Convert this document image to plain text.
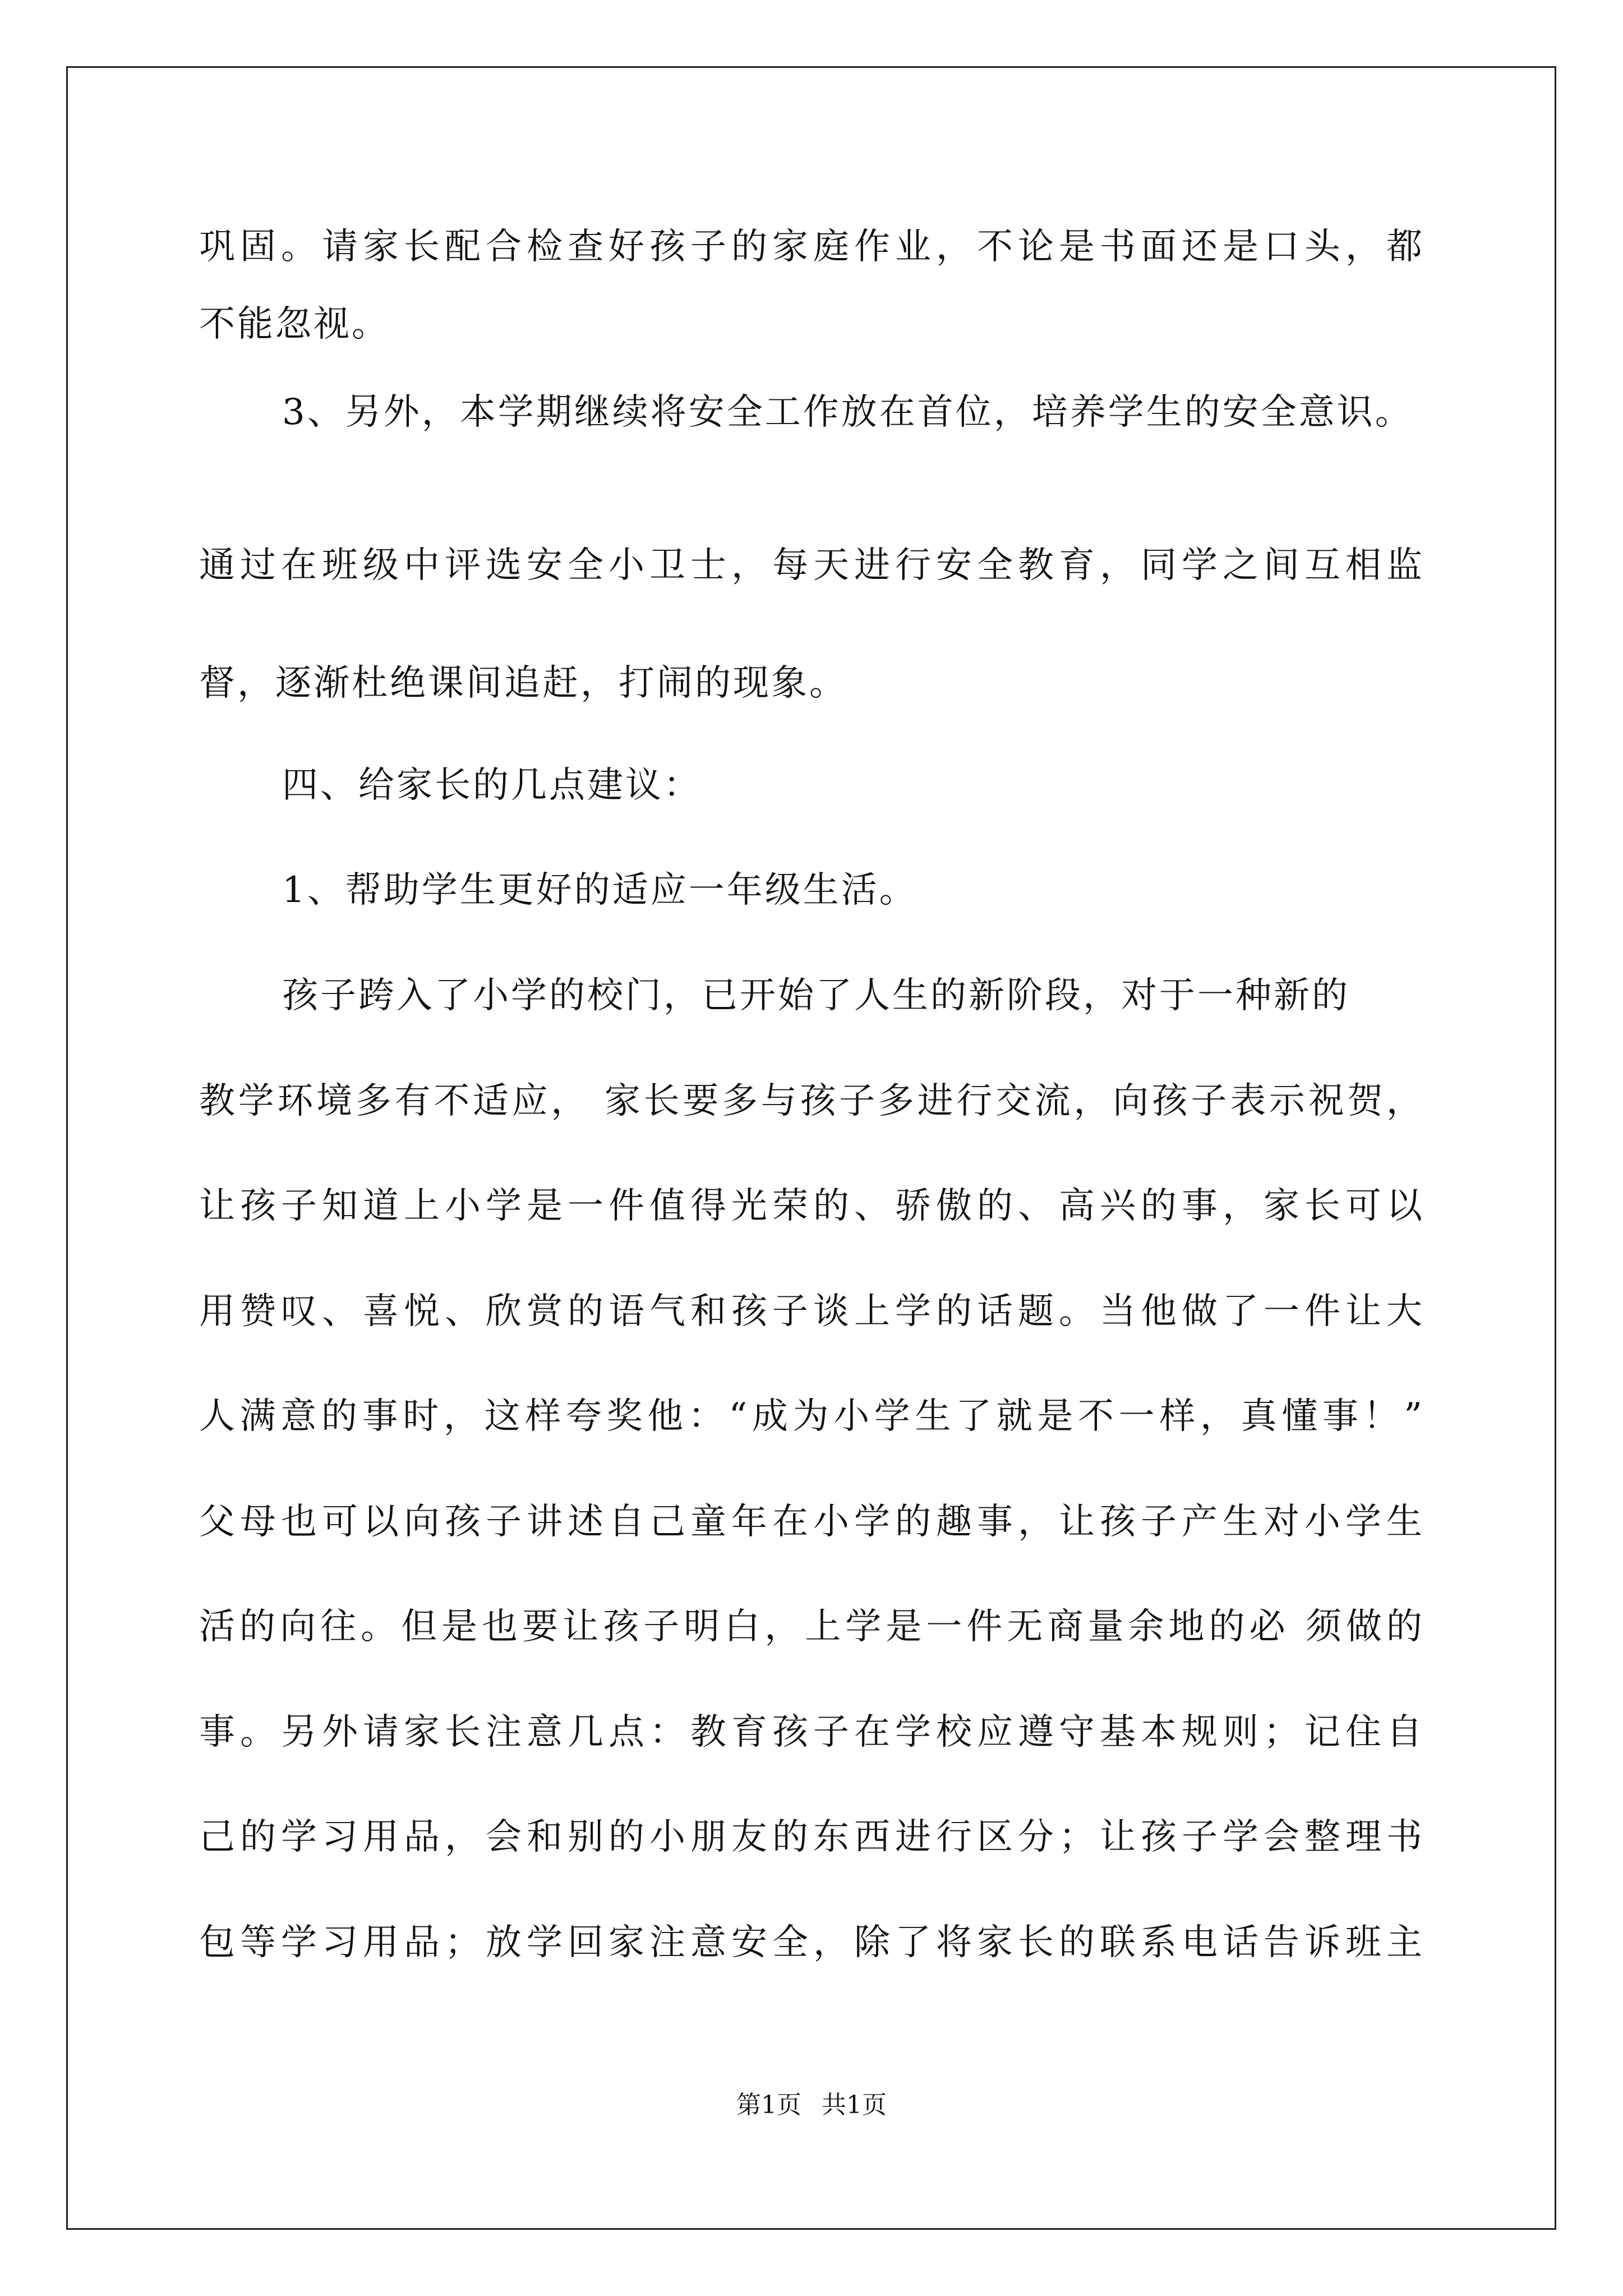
巩固。请家长配合检查好孩子的家庭作业，不论是书面还是口头，都
不能忽视。
3、另外，本学期继续将安全工作放在首位，培养学生的安全意识。
通过在班级中评选安全小卫士，每天进行安全教育，同学之间互相监
督，逐渐杜绝课间追赶，打闹的现象。
四、给家长的几点建议：
1、帮助学生更好的适应一年级生活。
孩子跨入了小学的校门，已开始了人生的新阶段，对于一种新的
教学环境多有不适应， 家长要多与孩子多进行交流，向孩子表示祝贺，
让孩子知道上小学是一件值得光荣的、骄傲的、高兴的事，家长可以
用赞叹、喜悦、欣赏的语气和孩子谈上学的话题。当他做了一件让大
人满意的事时，这样夸奖他：“成为小学生了就是不一样，真懂事！”
父母也可以向孩子讲述自己童年在小学的趣事，让孩子产生对小学生
活的向往。但是也要让孩子明白，上学是一件无商量余地的必 须做的
事。另外请家长注意几点：教育孩子在学校应遵守基本规则；记住自
己的学习用品，会和别的小朋友的东西进行区分；让孩子学会整理书
包等学习用品；放学回家注意安全，除了将家长的联系电话告诉班主
第1页 共1页
